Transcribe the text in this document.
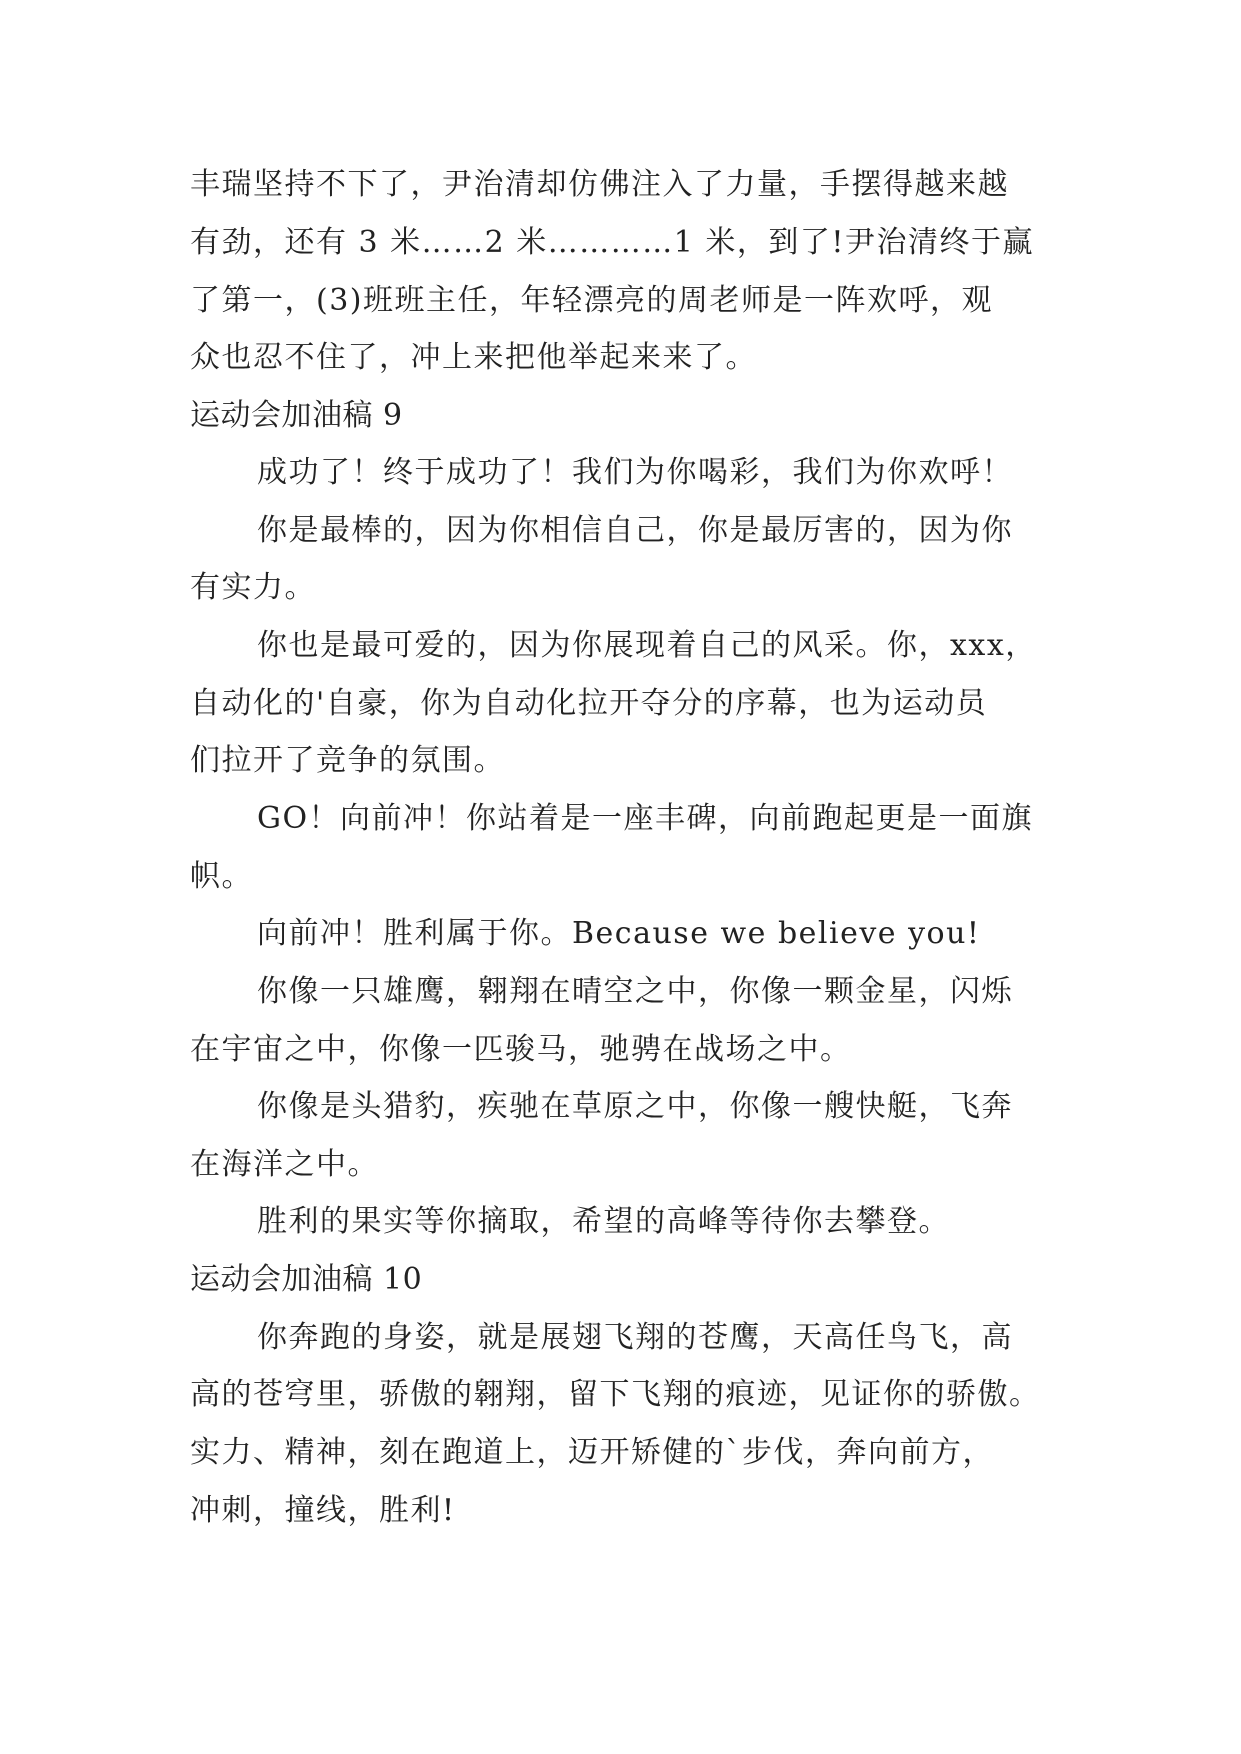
丰瑞坚持不下了，尹治清却仿佛注入了力量，手摆得越来越
有劲，还有 3 米……2 米…………1 米，到了!尹治清终于赢
了第一，(3)班班主任，年轻漂亮的周老师是一阵欢呼，观
众也忍不住了，冲上来把他举起来来了。
运动会加油稿 9
成功了！终于成功了！我们为你喝彩，我们为你欢呼！
你是最棒的，因为你相信自己，你是最厉害的，因为你
有实力。
你也是最可爱的，因为你展现着自己的风采。你，xxx，
自动化的'自豪，你为自动化拉开夺分的序幕，也为运动员
们拉开了竞争的氛围。
GO！向前冲！你站着是一座丰碑，向前跑起更是一面旗
帜。
向前冲！胜利属于你。Because we believe you!
你像一只雄鹰，翱翔在晴空之中，你像一颗金星，闪烁
在宇宙之中，你像一匹骏马，驰骋在战场之中。
你像是头猎豹，疾驰在草原之中，你像一艘快艇，飞奔
在海洋之中。
胜利的果实等你摘取，希望的高峰等待你去攀登。
运动会加油稿 10
你奔跑的身姿，就是展翅飞翔的苍鹰，天高任鸟飞，高
高的苍穹里，骄傲的翱翔，留下飞翔的痕迹，见证你的骄傲。
实力、精神，刻在跑道上，迈开矫健的`步伐，奔向前方，
冲刺，撞线，胜利!
